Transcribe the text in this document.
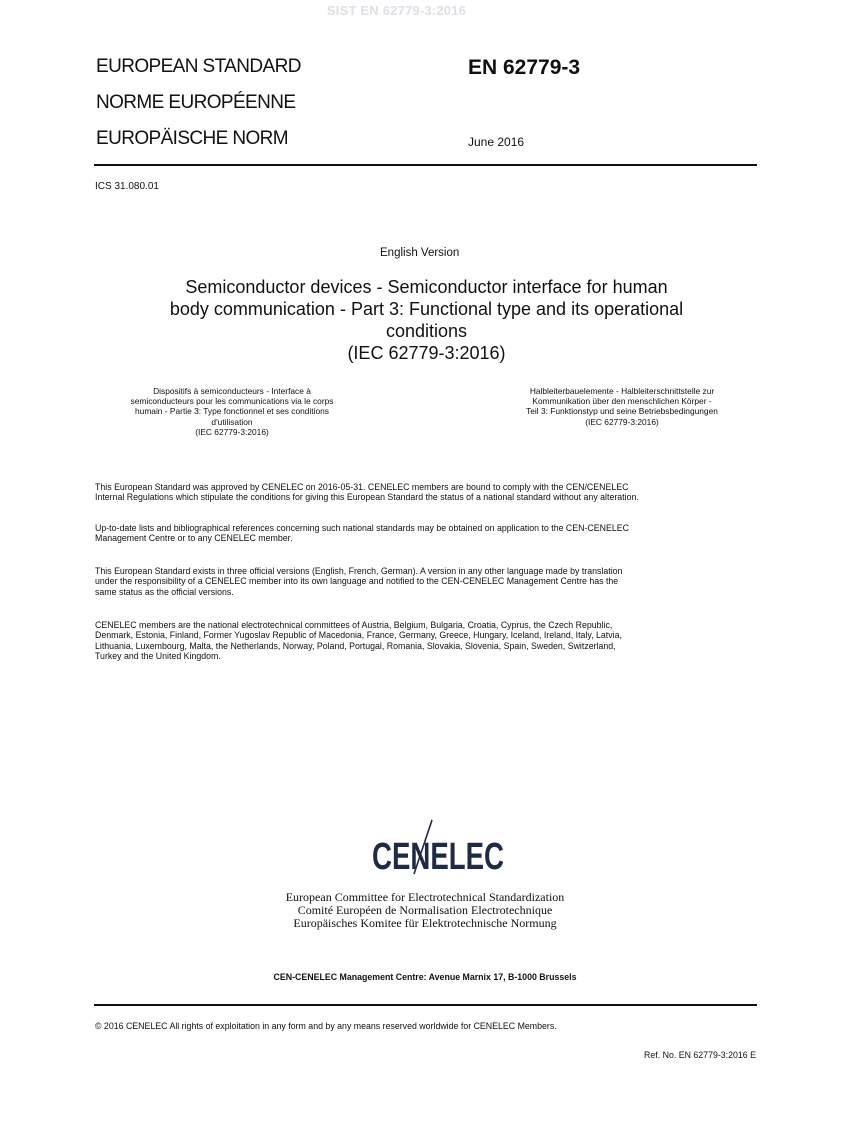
SIST EN 62779-3:2016
EUROPEAN STANDARD
NORME EUROPÉENNE
EUROPÄISCHE NORM
EN 62779-3
June 2016
ICS 31.080.01
English Version
Semiconductor devices - Semiconductor interface for human
body communication - Part 3: Functional type and its operational
conditions
(IEC 62779-3:2016)
Dispositifs à semiconducteurs - Interface à
semiconducteurs pour les communications via le corps
humain - Partie 3: Type fonctionnel et ses conditions
d'utilisation
(IEC 62779-3:2016)
Halbleiterbauelemente - Halbleiterschnittstelle zur
Kommunikation über den menschlichen Körper -
Teil 3: Funktionstyp und seine Betriebsbedingungen
(IEC 62779-3:2016)
This European Standard was approved by CENELEC on 2016-05-31. CENELEC members are bound to comply with the CEN/CENELEC
Internal Regulations which stipulate the conditions for giving this European Standard the status of a national standard without any alteration.
Up-to-date lists and bibliographical references concerning such national standards may be obtained on application to the CEN-CENELEC
Management Centre or to any CENELEC member.
This European Standard exists in three official versions (English, French, German). A version in any other language made by translation
under the responsibility of a CENELEC member into its own language and notified to the CEN-CENELEC Management Centre has the
same status as the official versions.
CENELEC members are the national electrotechnical committees of Austria, Belgium, Bulgaria, Croatia, Cyprus, the Czech Republic,
Denmark, Estonia, Finland, Former Yugoslav Republic of Macedonia, France, Germany, Greece, Hungary, Iceland, Ireland, Italy, Latvia,
Lithuania, Luxembourg, Malta, the Netherlands, Norway, Poland, Portugal, Romania, Slovakia, Slovenia, Spain, Sweden, Switzerland,
Turkey and the United Kingdom.
CENELEC
European Committee for Electrotechnical Standardization
Comité Européen de Normalisation Electrotechnique
Europäisches Komitee für Elektrotechnische Normung
CEN-CENELEC Management Centre: Avenue Marnix 17, B-1000 Brussels
© 2016 CENELEC All rights of exploitation in any form and by any means reserved worldwide for CENELEC Members.
Ref. No. EN 62779-3:2016 E
